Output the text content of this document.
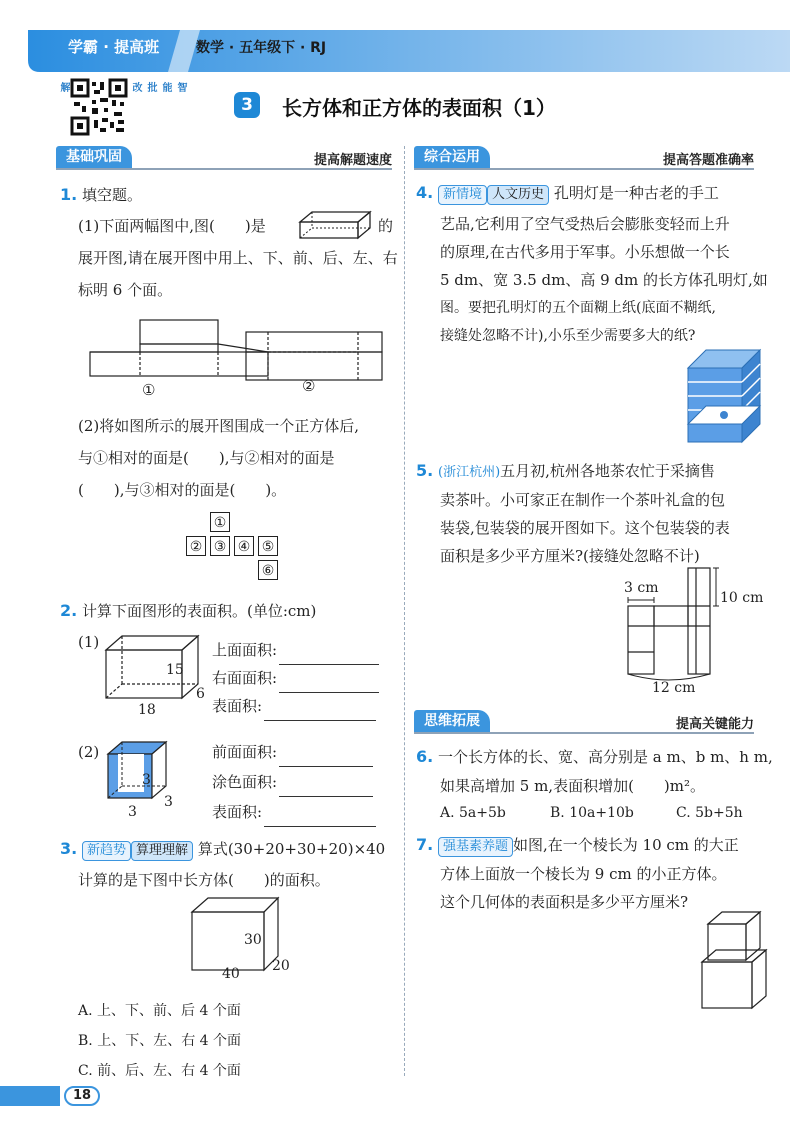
学霸 · 提高班	数学 · 五年级下 · RJ
解	智能批改
3	长方体和正方体的表面积（1）
基础巩固	提高解题速度
1. 填空题。
(1)下面两幅图中,图(　　)是	的
展开图,请在展开图中用上、下、前、后、左、右
标明 6 个面。
①	②
(2)将如图所示的展开图围成一个正方体后,
与①相对的面是(　　),与②相对的面是
(　　),与③相对的面是(　　)。
①
② ③ ④ ⑤
⑥
2. 计算下面图形的表面积。(单位:cm)
(1)
15
6
18
上面面积:
右面面积:
表面积:
(2)
3
3
3
前面面积:
涂色面积:
表面积:
3. 新趋势 算理理解 算式(30+20+30+20)×40
计算的是下图中长方体(　　)的面积。
30
20
40
A. 上、下、前、后 4 个面
B. 上、下、左、右 4 个面
C. 前、后、左、右 4 个面
综合运用	提高答题准确率
4. 新情境 人文历史 孔明灯是一种古老的手工
艺品,它利用了空气受热后会膨胀变轻而上升
的原理,在古代多用于军事。小乐想做一个长
5 dm、宽 3.5 dm、高 9 dm 的长方体孔明灯,如
图。要把孔明灯的五个面糊上纸(底面不糊纸,
接缝处忽略不计),小乐至少需要多大的纸?
5. (浙江杭州)五月初,杭州各地茶农忙于采摘售
卖茶叶。小可家正在制作一个茶叶礼盒的包
装袋,包装袋的展开图如下。这个包装袋的表
面积是多少平方厘米?(接缝处忽略不计)
3 cm
10 cm
12 cm
思维拓展	提高关键能力
6. 一个长方体的长、宽、高分别是 a m、b m、h m,
如果高增加 5 m,表面积增加(　　)m²。
A. 5a+5b	B. 10a+10b	C. 5b+5h
7. 强基素养题 如图,在一个棱长为 10 cm 的大正
方体上面放一个棱长为 9 cm 的小正方体。
这个几何体的表面积是多少平方厘米?
18
